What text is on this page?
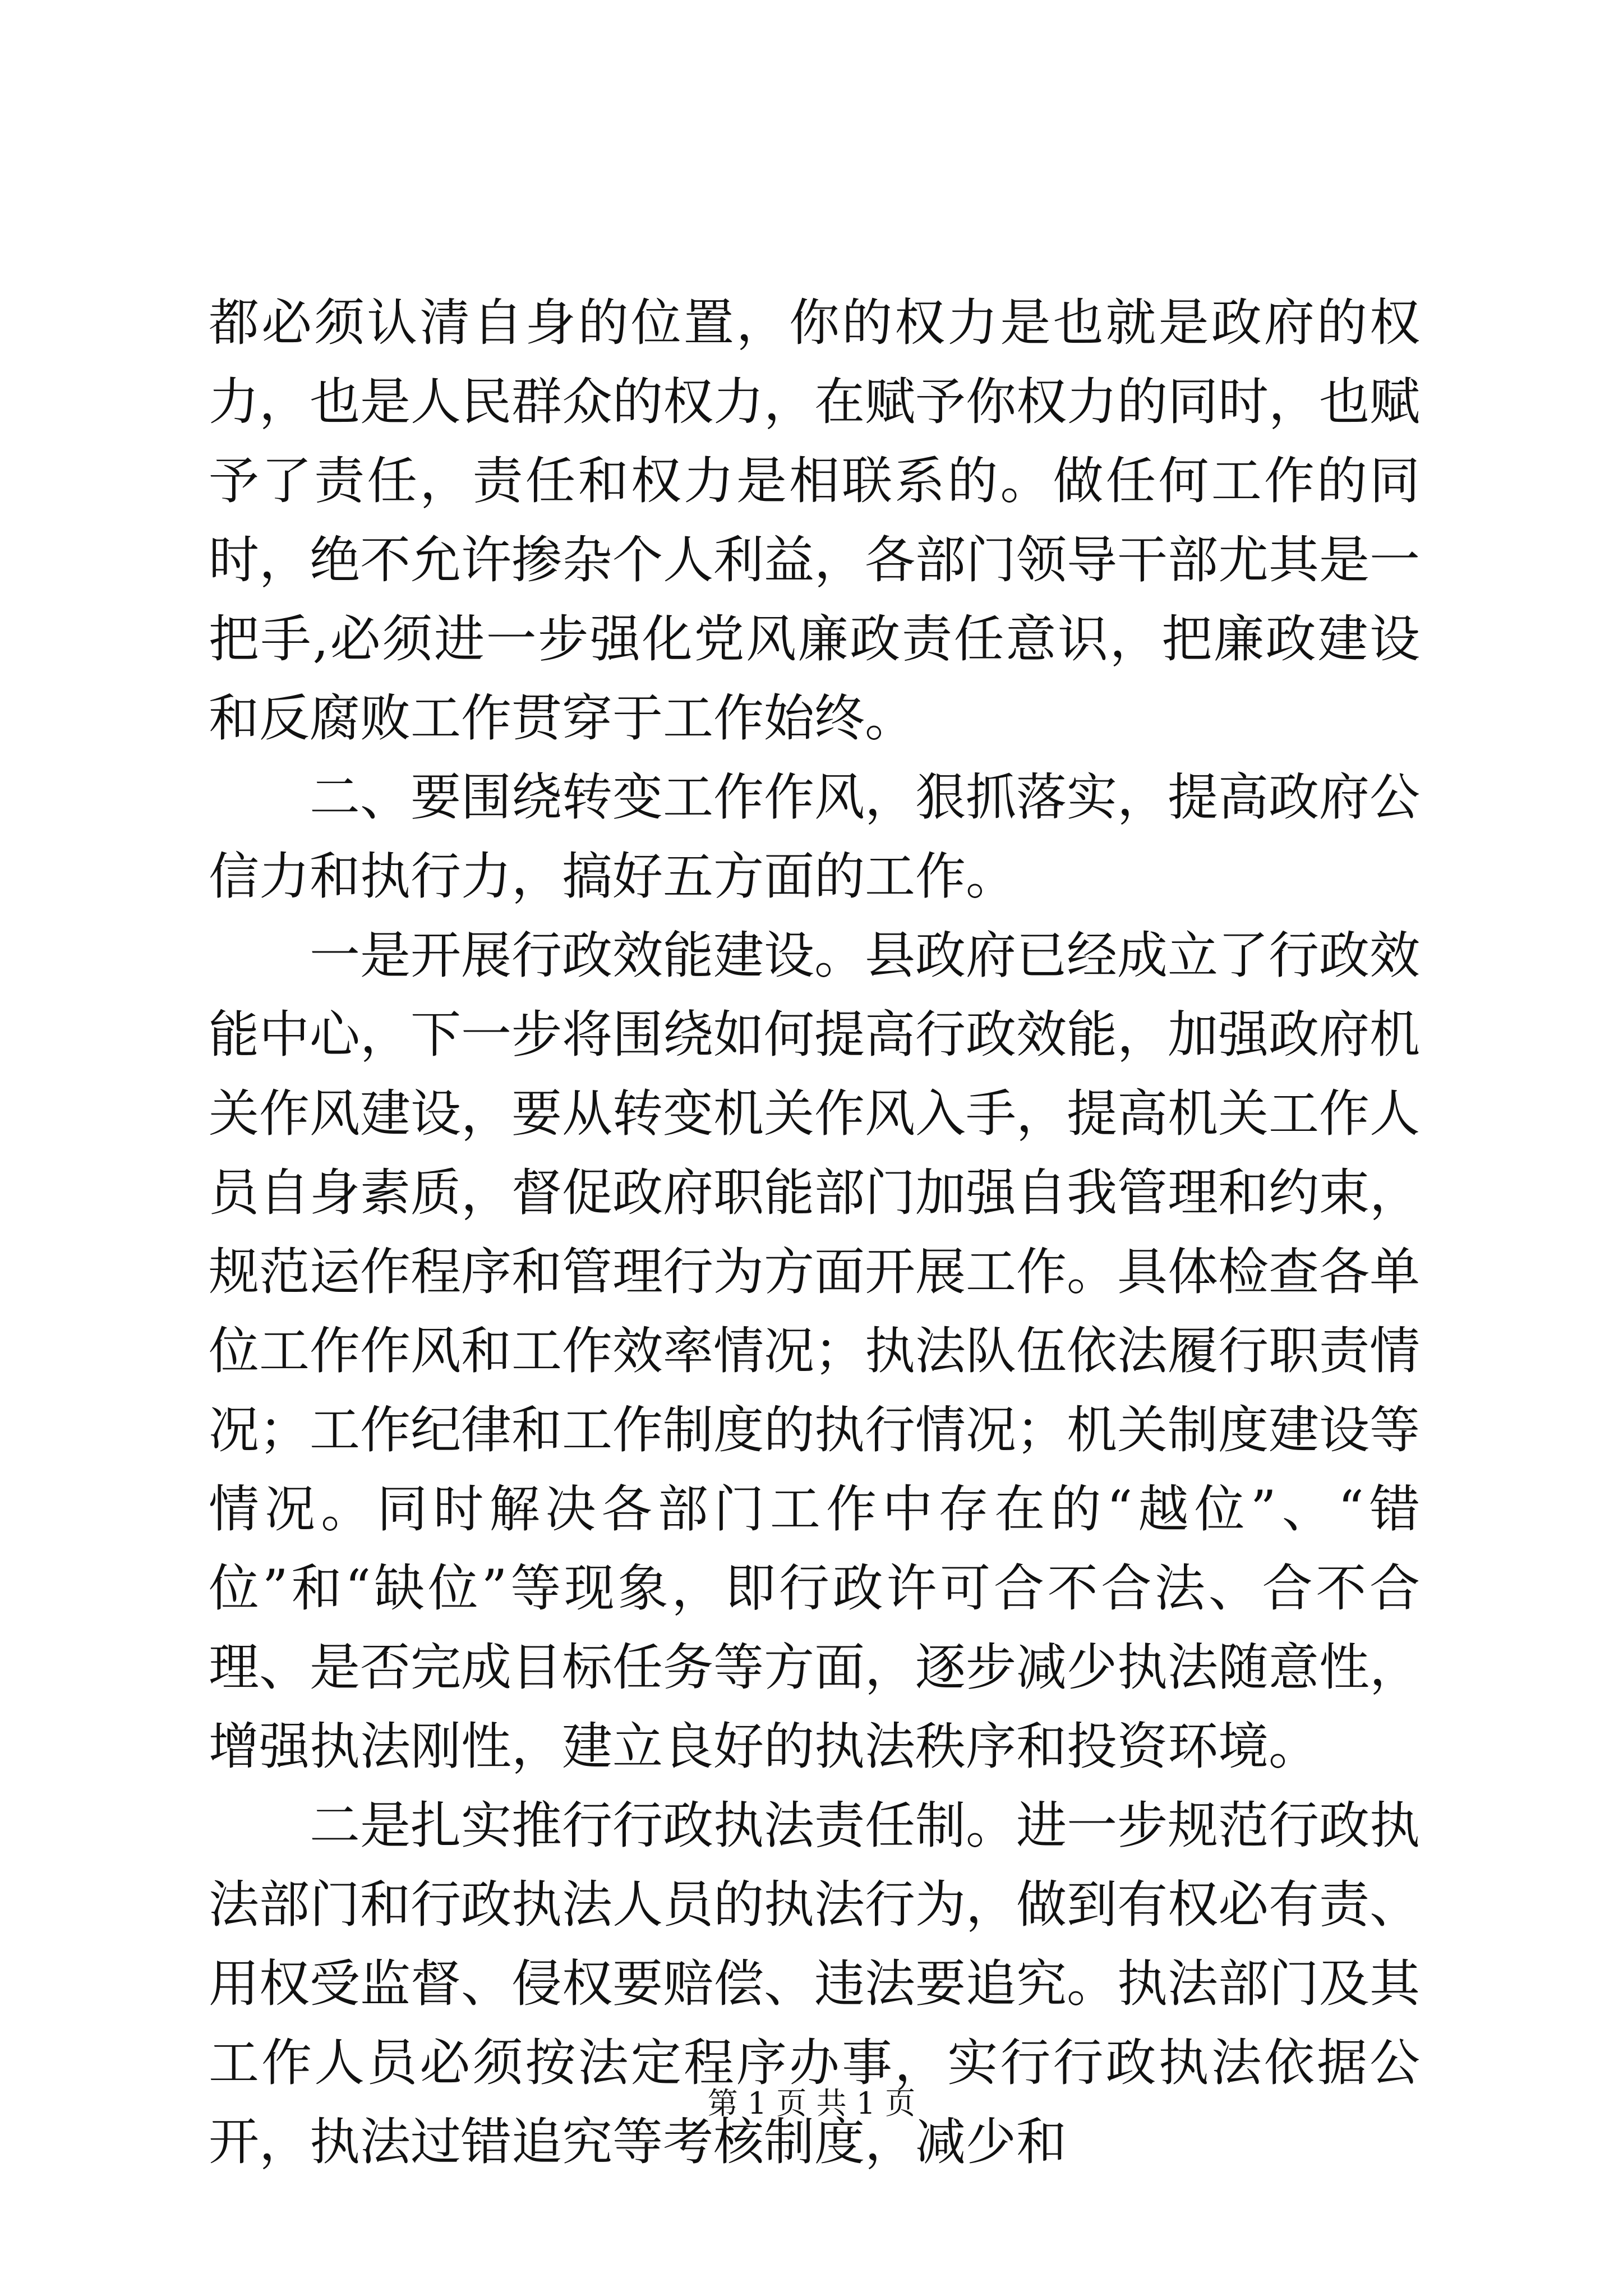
都必须认清自身的位置，你的权力是也就是政府的权力，也是人民群众的权力，在赋予你权力的同时，也赋予了责任，责任和权力是相联系的。做任何工作的同时，绝不允许掺杂个人利益，各部门领导干部尤其是一把手,必须进一步强化党风廉政责任意识，把廉政建设和反腐败工作贯穿于工作始终。

二、要围绕转变工作作风，狠抓落实，提高政府公信力和执行力，搞好五方面的工作。

一是开展行政效能建设。县政府已经成立了行政效能中心，下一步将围绕如何提高行政效能，加强政府机关作风建设，要从转变机关作风入手，提高机关工作人员自身素质，督促政府职能部门加强自我管理和约束，规范运作程序和管理行为方面开展工作。具体检查各单位工作作风和工作效率情况；执法队伍依法履行职责情况；工作纪律和工作制度的执行情况；机关制度建设等情况。同时解决各部门工作中存在的“越位”、“错位”和“缺位”等现象，即行政许可合不合法、合不合理、是否完成目标任务等方面，逐步减少执法随意性，增强执法刚性，建立良好的执法秩序和投资环境。

二是扎实推行行政执法责任制。进一步规范行政执法部门和行政执法人员的执法行为，做到有权必有责、用权受监督、侵权要赔偿、违法要追究。执法部门及其工作人员必须按法定程序办事，实行行政执法依据公开，执法过错追究等考核制度，减少和

第 1 页 共 1 页
